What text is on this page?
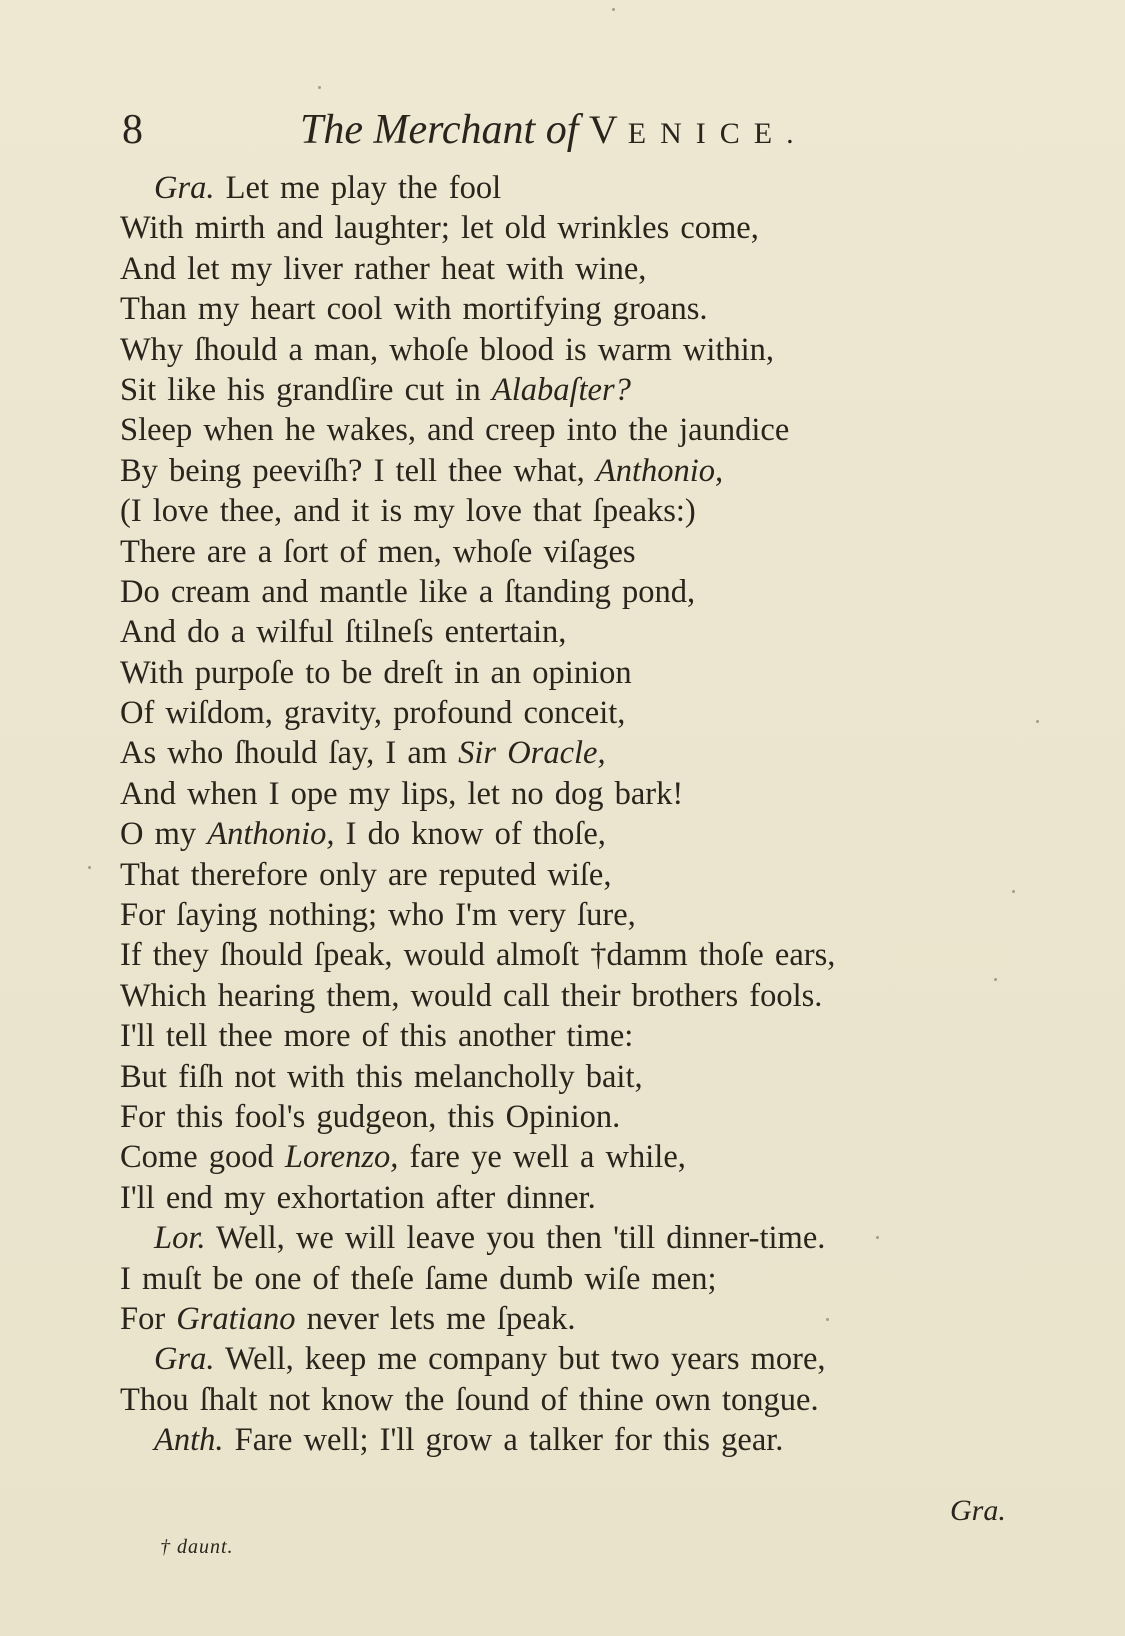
8	The Merchant of VENICE.
Gra. Let me play the fool
With mirth and laughter; let old wrinkles come,
And let my liver rather heat with wine,
Than my heart cool with mortifying groans.
Why ſhould a man, whoſe blood is warm within,
Sit like his grandſire cut in Alabaſter?
Sleep when he wakes, and creep into the jaundice
By being peeviſh? I tell thee what, Anthonio,
(I love thee, and it is my love that ſpeaks:)
There are a ſort of men, whoſe viſages
Do cream and mantle like a ſtanding pond,
And do a wilful ſtilneſs entertain,
With purpoſe to be dreſt in an opinion
Of wiſdom, gravity, profound conceit,
As who ſhould ſay, I am Sir Oracle,
And when I ope my lips, let no dog bark!
O my Anthonio, I do know of thoſe,
That therefore only are reputed wiſe,
For ſaying nothing; who I'm very ſure,
If they ſhould ſpeak, would almoſt †damm thoſe ears,
Which hearing them, would call their brothers fools.
I'll tell thee more of this another time:
But fiſh not with this melancholly bait,
For this fool's gudgeon, this Opinion.
Come good Lorenzo, fare ye well a while,
I'll end my exhortation after dinner.
Lor. Well, we will leave you then 'till dinner-time.
I muſt be one of theſe ſame dumb wiſe men;
For Gratiano never lets me ſpeak.
Gra. Well, keep me company but two years more,
Thou ſhalt not know the ſound of thine own tongue.
Anth. Fare well; I'll grow a talker for this gear.
Gra.
† daunt.
